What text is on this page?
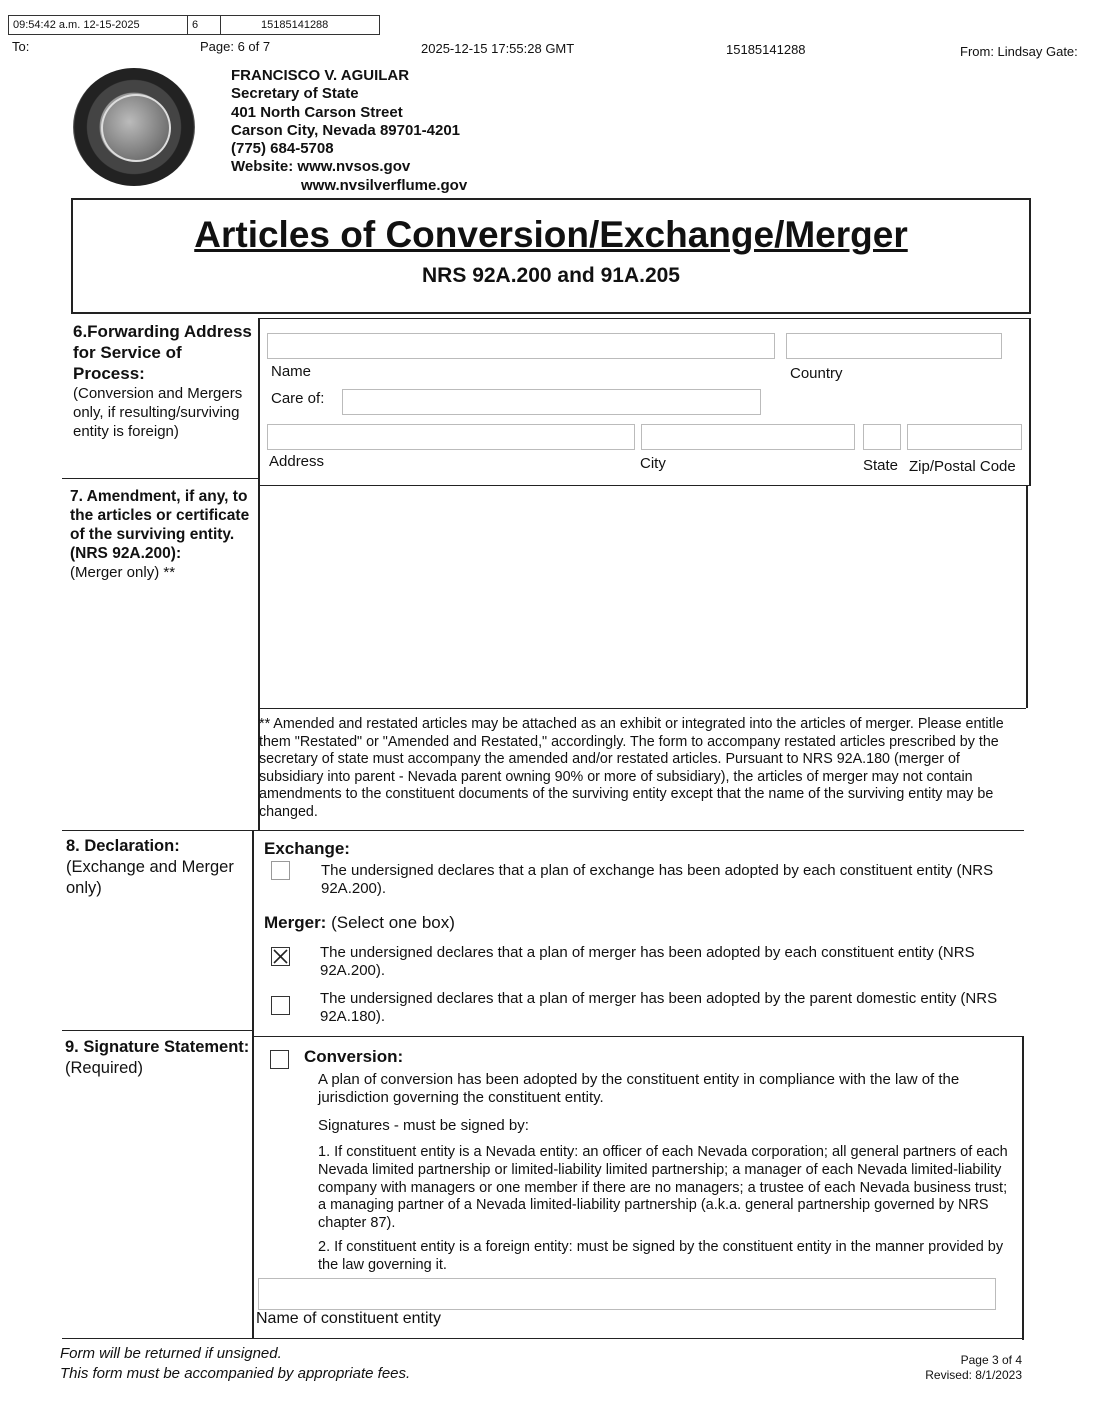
09:54:42 a.m. 12-15-2025	6	15185141288
To:	Page: 6 of 7	2025-12-15 17:55:28 GMT	15185141288	From: Lindsay Gate:
FRANCISCO V. AGUILAR
Secretary of State
401 North Carson Street
Carson City, Nevada 89701-4201
(775) 684-5708
Website: www.nvsos.gov
www.nvsilverflume.gov
Articles of Conversion/Exchange/Merger
NRS 92A.200 and 91A.205
6.Forwarding Address for Service of Process:
(Conversion and Mergers only, if resulting/surviving entity is foreign)
Name	Country
Care of:
Address	City	State Zip/Postal Code
7. Amendment, if any, to the articles or certificate of the surviving entity. (NRS 92A.200):
(Merger only) **
** Amended and restated articles may be attached as an exhibit or integrated into the articles of merger. Please entitle them "Restated" or "Amended and Restated," accordingly. The form to accompany restated articles prescribed by the secretary of state must accompany the amended and/or restated articles. Pursuant to NRS 92A.180 (merger of subsidiary into parent - Nevada parent owning 90% or more of subsidiary), the articles of merger may not contain amendments to the constituent documents of the surviving entity except that the name of the surviving entity may be changed.
8. Declaration:
(Exchange and Merger only)
Exchange:
The undersigned declares that a plan of exchange has been adopted by each constituent entity (NRS 92A.200).
Merger: (Select one box)
The undersigned declares that a plan of merger has been adopted by each constituent entity (NRS 92A.200).
The undersigned declares that a plan of merger has been adopted by the parent domestic entity (NRS 92A.180).
9. Signature Statement: (Required)
Conversion:
A plan of conversion has been adopted by the constituent entity in compliance with the law of the jurisdiction governing the constituent entity.
Signatures - must be signed by:
1. If constituent entity is a Nevada entity: an officer of each Nevada corporation; all general partners of each Nevada limited partnership or limited-liability limited partnership; a manager of each Nevada limited-liability company with managers or one member if there are no managers; a trustee of each Nevada business trust; a managing partner of a Nevada limited-liability partnership (a.k.a. general partnership governed by NRS chapter 87).
2. If constituent entity is a foreign entity: must be signed by the constituent entity in the manner provided by the law governing it.
Name of constituent entity
Form will be returned if unsigned.
This form must be accompanied by appropriate fees.
Page 3 of 4
Revised: 8/1/2023
